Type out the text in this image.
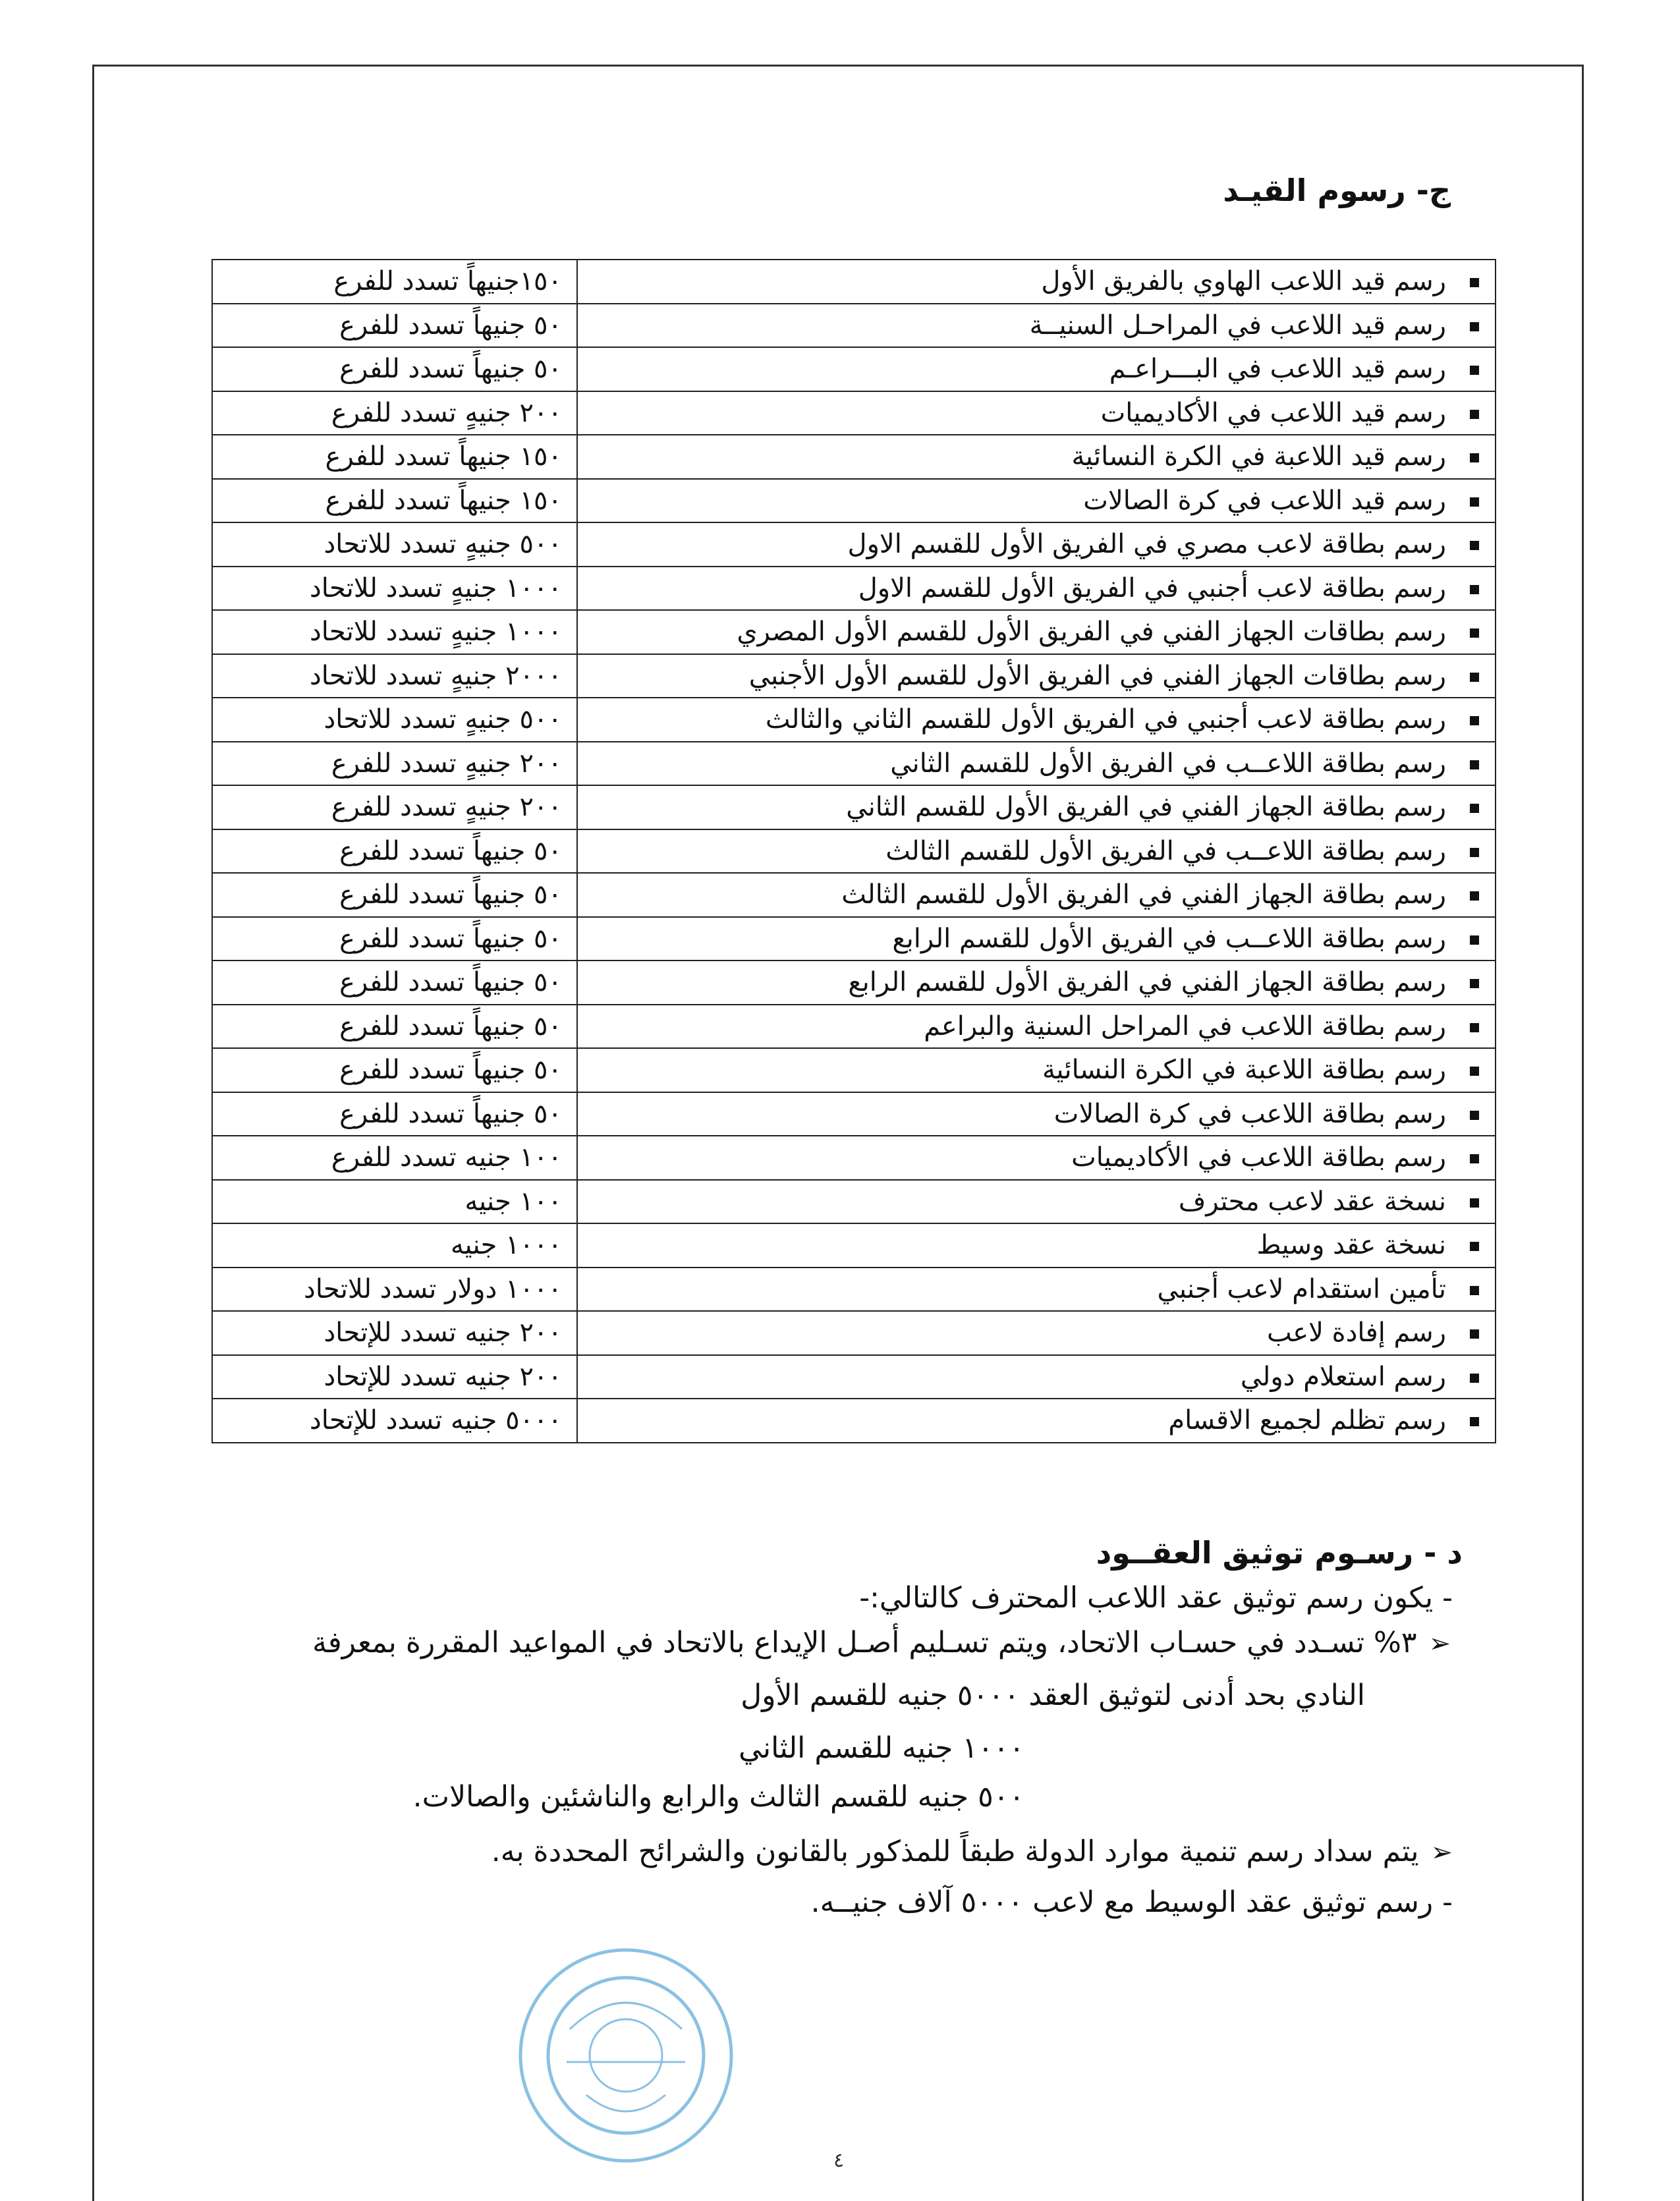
ج- رسوم القيـد
رسم قيد اللاعب الهاوي بالفريق الأول	١٥٠جنيهاً تسدد للفرع
رسم قيد اللاعب في المراحـل السنيــة	٥٠ جنيهاً تسدد للفرع
رسم قيد اللاعب في البـــراعـم	٥٠ جنيهاً تسدد للفرع
رسم قيد اللاعب في الأكاديميات	٢٠٠ جنيهٍ تسدد للفرع
رسم قيد اللاعبة في الكرة النسائية	١٥٠ جنيهاً تسدد للفرع
رسم قيد اللاعب في كرة الصالات	١٥٠ جنيهاً تسدد للفرع
رسم بطاقة لاعب مصري في الفريق الأول للقسم الاول	٥٠٠ جنيهٍ تسدد للاتحاد
رسم بطاقة لاعب أجنبي في الفريق الأول للقسم الاول	١٠٠٠ جنيهٍ تسدد للاتحاد
رسم بطاقات الجهاز الفني في الفريق الأول للقسم الأول المصري	١٠٠٠ جنيهٍ تسدد للاتحاد
رسم بطاقات الجهاز الفني في الفريق الأول للقسم الأول الأجنبي	٢٠٠٠ جنيهٍ تسدد للاتحاد
رسم بطاقة لاعب أجنبي في الفريق الأول للقسم الثاني والثالث	٥٠٠ جنيهٍ تسدد للاتحاد
رسم بطاقة اللاعــب في الفريق الأول للقسم الثاني	٢٠٠ جنيهٍ تسدد للفرع
رسم بطاقة الجهاز الفني في الفريق الأول للقسم الثاني	٢٠٠ جنيهٍ تسدد للفرع
رسم بطاقة اللاعــب في الفريق الأول للقسم الثالث	٥٠ جنيهاً تسدد للفرع
رسم بطاقة الجهاز الفني في الفريق الأول للقسم الثالث	٥٠ جنيهاً تسدد للفرع
رسم بطاقة اللاعــب في الفريق الأول للقسم الرابع	٥٠ جنيهاً تسدد للفرع
رسم بطاقة الجهاز الفني في الفريق الأول للقسم الرابع	٥٠ جنيهاً تسدد للفرع
رسم بطاقة اللاعب في المراحل السنية والبراعم	٥٠ جنيهاً تسدد للفرع
رسم بطاقة اللاعبة في الكرة النسائية	٥٠ جنيهاً تسدد للفرع
رسم بطاقة اللاعب في كرة الصالات	٥٠ جنيهاً تسدد للفرع
رسم بطاقة اللاعب في الأكاديميات	١٠٠ جنيه تسدد للفرع
نسخة عقد لاعب محترف	١٠٠ جنيه
نسخة عقد وسيط	١٠٠٠ جنيه
تأمين استقدام لاعب أجنبي	١٠٠٠ دولار تسدد للاتحاد
رسم إفادة لاعب	٢٠٠ جنيه تسدد للإتحاد
رسم استعلام دولي	٢٠٠ جنيه تسدد للإتحاد
رسم تظلم لجميع الاقسام	٥٠٠٠ جنيه تسدد للإتحاد
د - رسـوم توثيق العقــود
- يكون رسم توثيق عقد اللاعب المحترف كالتالي:-
➢٣% تسـدد في حسـاب الاتحاد، ويتم تسـليم أصـل الإيداع بالاتحاد في المواعيد المقررة بمعرفة
النادي بحد أدنى لتوثيق العقد ٥٠٠٠ جنيه للقسم الأول
١٠٠٠ جنيه للقسم الثاني
٥٠٠ جنيه للقسم الثالث والرابع والناشئين والصالات.
➢يتم سداد رسم تنمية موارد الدولة طبقاً للمذكور بالقانون والشرائح المحددة به.
- رسم توثيق عقد الوسيط مع لاعب ٥٠٠٠ آلاف جنيــه.
٤
